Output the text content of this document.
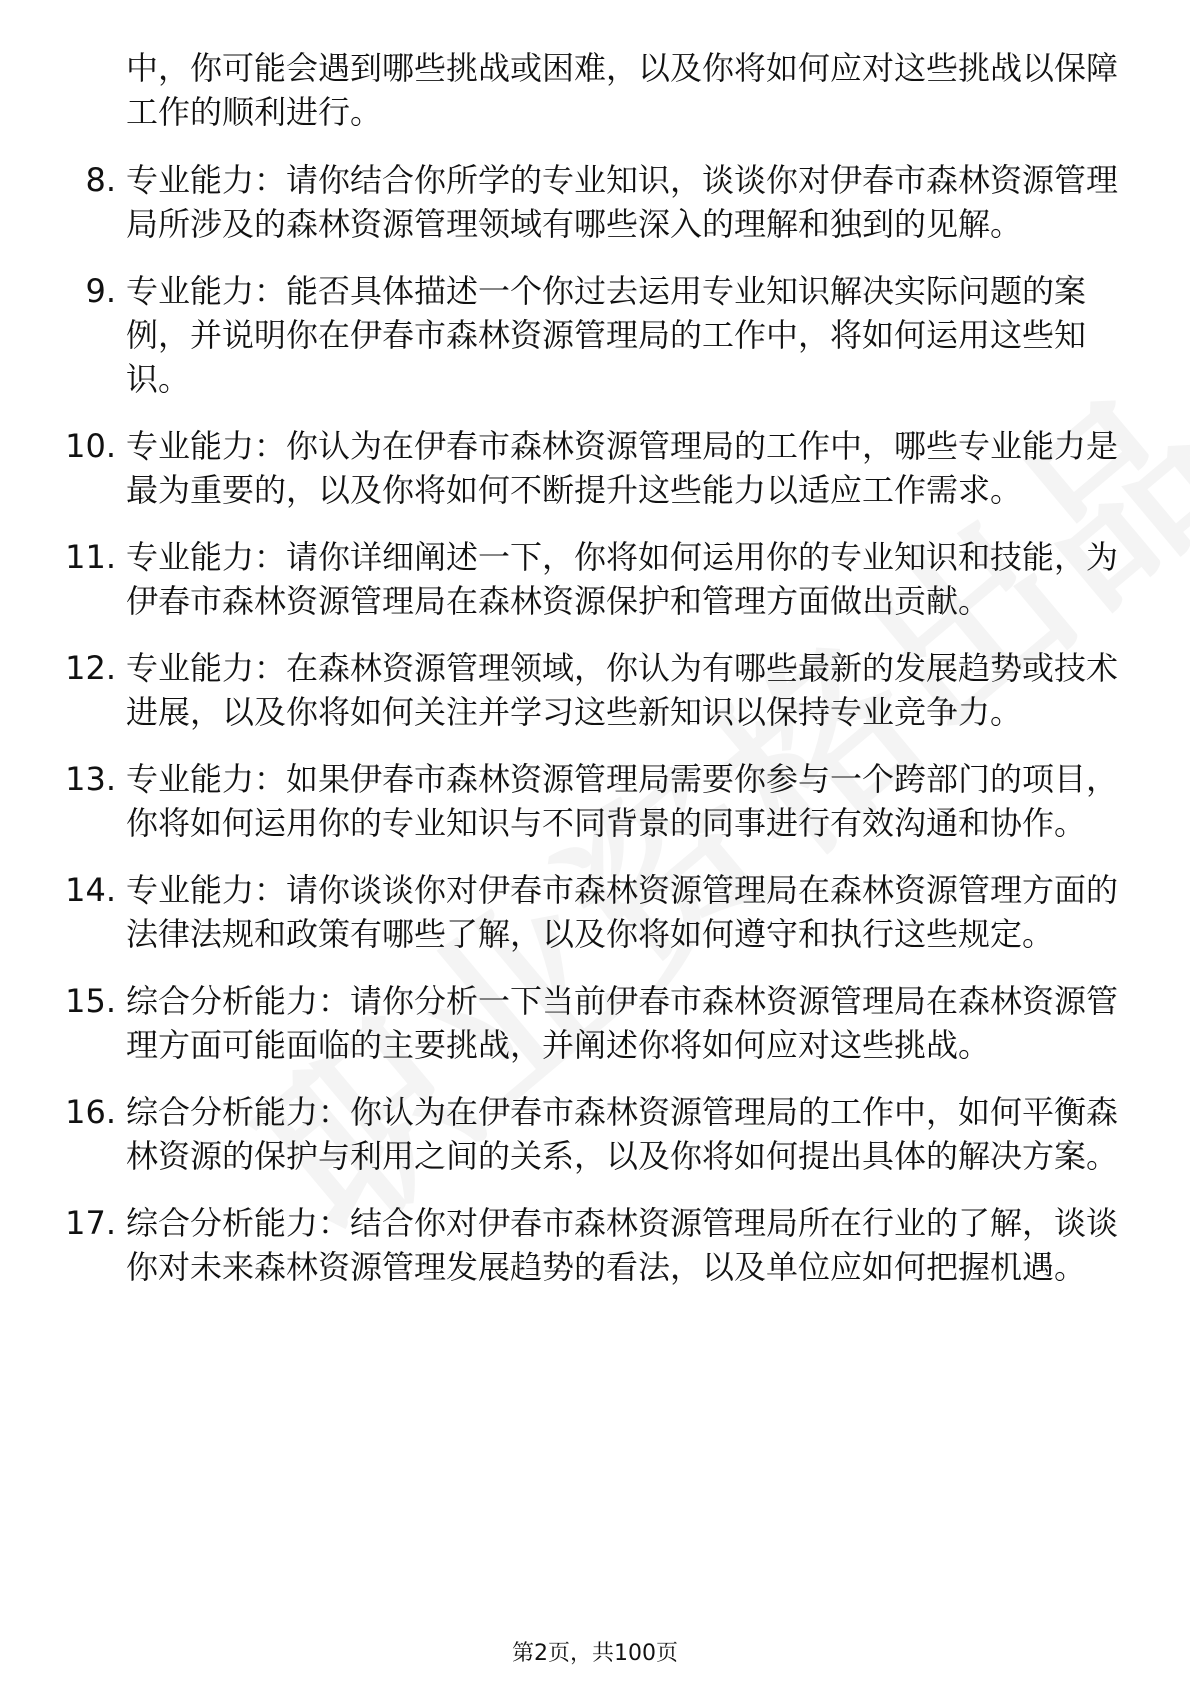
中，你可能会遇到哪些挑战或困难，以及你将如何应对这些挑战以保障工作的顺利进行。
8. 专业能力：请你结合你所学的专业知识，谈谈你对伊春市森林资源管理局所涉及的森林资源管理领域有哪些深入的理解和独到的见解。
9. 专业能力：能否具体描述一个你过去运用专业知识解决实际问题的案例，并说明你在伊春市森林资源管理局的工作中，将如何运用这些知识。
10. 专业能力：你认为在伊春市森林资源管理局的工作中，哪些专业能力是最为重要的，以及你将如何不断提升这些能力以适应工作需求。
11. 专业能力：请你详细阐述一下，你将如何运用你的专业知识和技能，为伊春市森林资源管理局在森林资源保护和管理方面做出贡献。
12. 专业能力：在森林资源管理领域，你认为有哪些最新的发展趋势或技术进展，以及你将如何关注并学习这些新知识以保持专业竞争力。
13. 专业能力：如果伊春市森林资源管理局需要你参与一个跨部门的项目，你将如何运用你的专业知识与不同背景的同事进行有效沟通和协作。
14. 专业能力：请你谈谈你对伊春市森林资源管理局在森林资源管理方面的法律法规和政策有哪些了解，以及你将如何遵守和执行这些规定。
15. 综合分析能力：请你分析一下当前伊春市森林资源管理局在森林资源管理方面可能面临的主要挑战，并阐述你将如何应对这些挑战。
16. 综合分析能力：你认为在伊春市森林资源管理局的工作中，如何平衡森林资源的保护与利用之间的关系，以及你将如何提出具体的解决方案。
17. 综合分析能力：结合你对伊春市森林资源管理局所在行业的了解，谈谈你对未来森林资源管理发展趋势的看法，以及单位应如何把握机遇。
第2页，共100页
